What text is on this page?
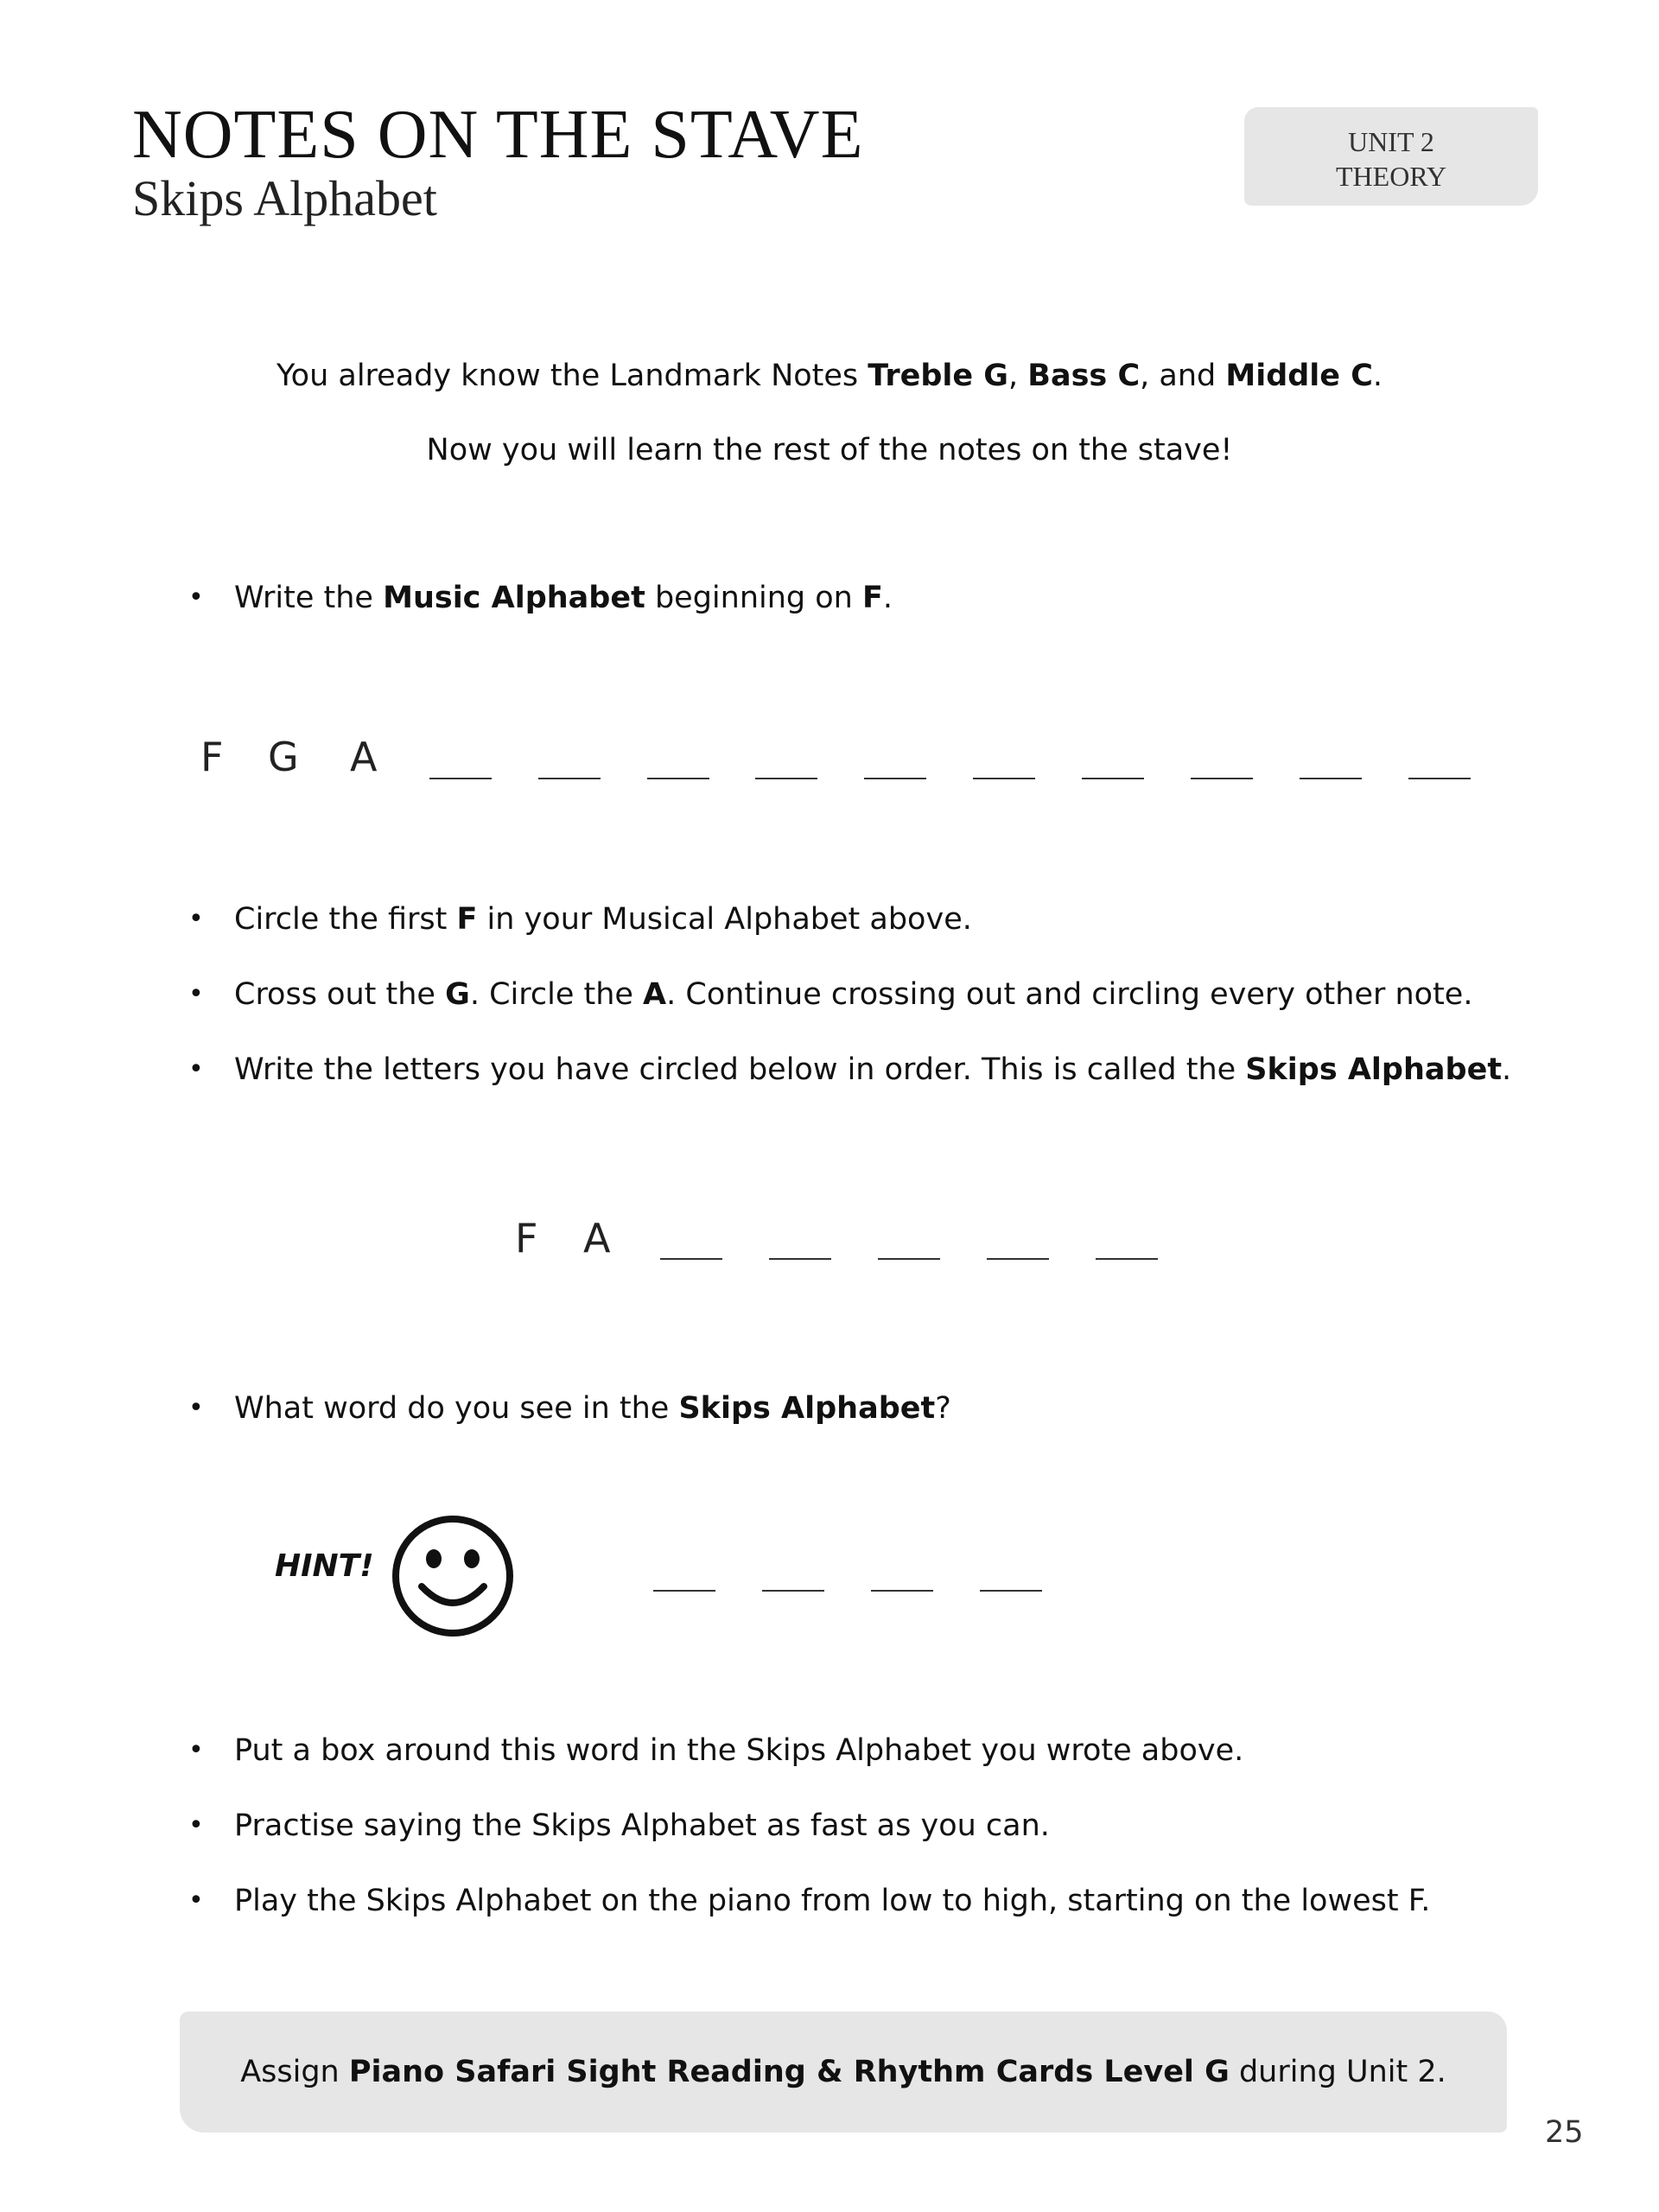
NOTES ON THE STAVE
Skips Alphabet
UNIT 2
THEORY
You already know the Landmark Notes Treble G, Bass C, and Middle C.
Now you will learn the rest of the notes on the stave!
• Write the Music Alphabet beginning on F.
F G A
• Circle the first F in your Musical Alphabet above.
• Cross out the G. Circle the A. Continue crossing out and circling every other note.
• Write the letters you have circled below in order. This is called the Skips Alphabet.
F A
• What word do you see in the Skips Alphabet?
HINT!
• Put a box around this word in the Skips Alphabet you wrote above.
• Practise saying the Skips Alphabet as fast as you can.
• Play the Skips Alphabet on the piano from low to high, starting on the lowest F.
Assign Piano Safari Sight Reading & Rhythm Cards Level G during Unit 2.
25
